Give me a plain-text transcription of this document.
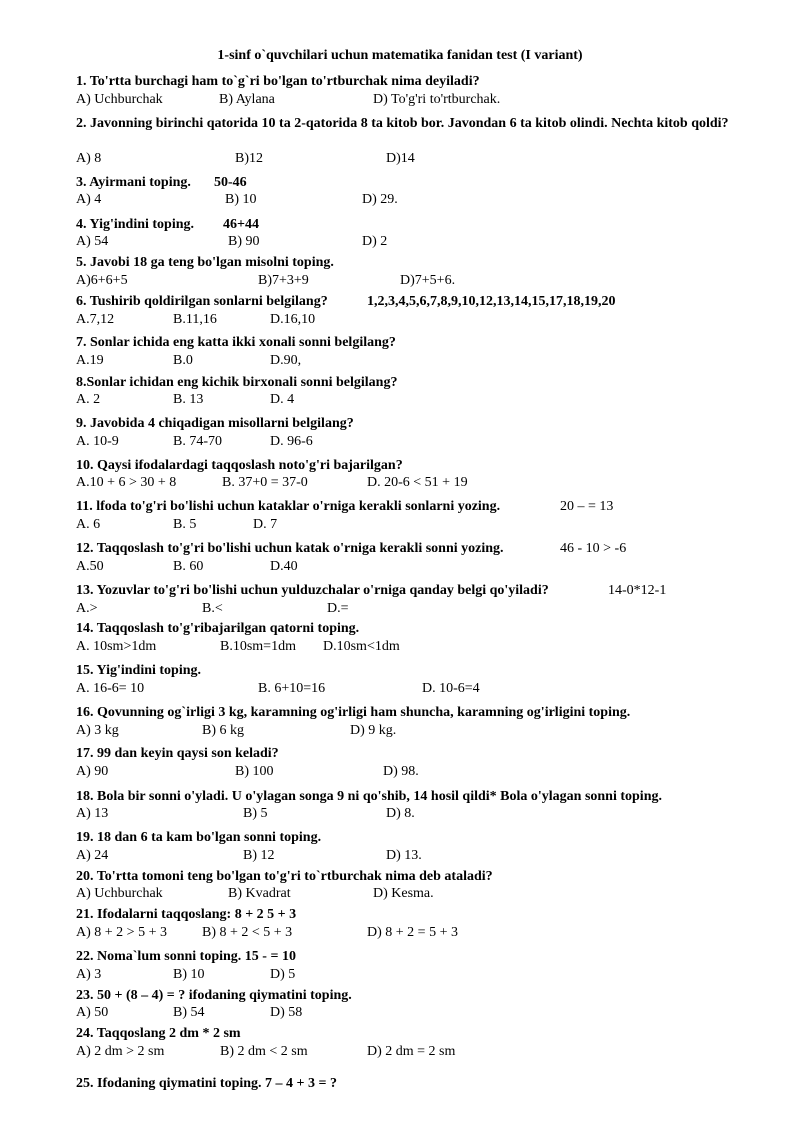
1-sinf o`quvchilari uchun matematika fanidan test (I variant)
1. To'rtta burchagi ham to`g`ri bo'lgan to'rtburchak nima deyiladi?
A) Uchburchak	B) Aylana	D) To'g'ri to'rtburchak.
2. Javonning birinchi qatorida 10 ta 2-qatorida 8 ta kitob bor. Javondan 6 ta kitob olindi. Nechta kitob qoldi?
A) 8	B)12	D)14
3. Ayirmani toping.	50-46
A) 4	B) 10	D) 29.
4. Yig'indini toping.	46+44
A) 54	B) 90	D) 2
5. Javobi 18 ga teng bo'lgan misolni toping.
A)6+6+5	B)7+3+9	D)7+5+6.
6. Tushirib qoldirilgan sonlarni belgilang?	1,2,3,4,5,6,7,8,9,10,12,13,14,15,17,18,19,20
A.7,12	B.11,16	D.16,10
7. Sonlar ichida eng katta ikki xonali sonni belgilang?
A.19	B.0	D.90,
8.Sonlar ichidan eng kichik birxonali sonni belgilang?
A. 2	B. 13	D. 4
9. Javobida 4 chiqadigan misollarni belgilang?
A. 10-9	B. 74-70	D. 96-6
10. Qaysi ifodalardagi taqqoslash noto'g'ri bajarilgan?
A.10 + 6 > 30 + 8	B. 37+0 = 37-0	D. 20-6 < 51 + 19
11. lfoda to'g'ri bo'lishi uchun kataklar o'rniga kerakli sonlarni yozing.	20 – = 13
A. 6	B. 5	D. 7
12. Taqqoslash to'g'ri bo'lishi uchun katak o'rniga kerakli sonni yozing.	46 - 10 > -6
A.50	B. 60	D.40
13. Yozuvlar to'g'ri bo'lishi uchun yulduzchalar o'rniga qanday belgi qo'yiladi?	14-0*12-1
A.>	B.<	D.=
14. Taqqoslash to'g'ribajarilgan qatorni toping.
A. 10sm>1dm	B.10sm=1dm D.10sm<1dm
15. Yig'indini toping.
A. 16-6= 10	B. 6+10=16	D. 10-6=4
16. Qovunning og`irligi 3 kg, karamning og'irligi ham shuncha, karamning og'irligini toping.
A) 3 kg	B) 6 kg	D) 9 kg.
17. 99 dan keyin qaysi son keladi?
A) 90	B) 100	D) 98.
18. Bola bir sonni o'yladi. U o'ylagan songa 9 ni qo'shib, 14 hosil qildi* Bola o'ylagan sonni toping.
A) 13	B) 5	D) 8.
19. 18 dan 6 ta kam bo'lgan sonni toping.
A) 24	B) 12	D) 13.
20. To'rtta tomoni teng bo'lgan to'g'ri to`rtburchak nima deb ataladi?
A) Uchburchak	B) Kvadrat	D) Kesma.
21. Ifodalarni taqqoslang: 8 + 2 5 + 3
A) 8 + 2 > 5 + 3	B) 8 + 2 < 5 + 3	D) 8 + 2 = 5 + 3
22. Noma`lum sonni toping. 15 - = 10
A) 3	B) 10	D) 5
23. 50 + (8 – 4) = ? ifodaning qiymatini toping.
A) 50	B) 54	D) 58
24. Taqqoslang 2 dm * 2 sm
A) 2 dm > 2 sm	B) 2 dm < 2 sm	D) 2 dm = 2 sm
25. Ifodaning qiymatini toping. 7 – 4 + 3 = ?
